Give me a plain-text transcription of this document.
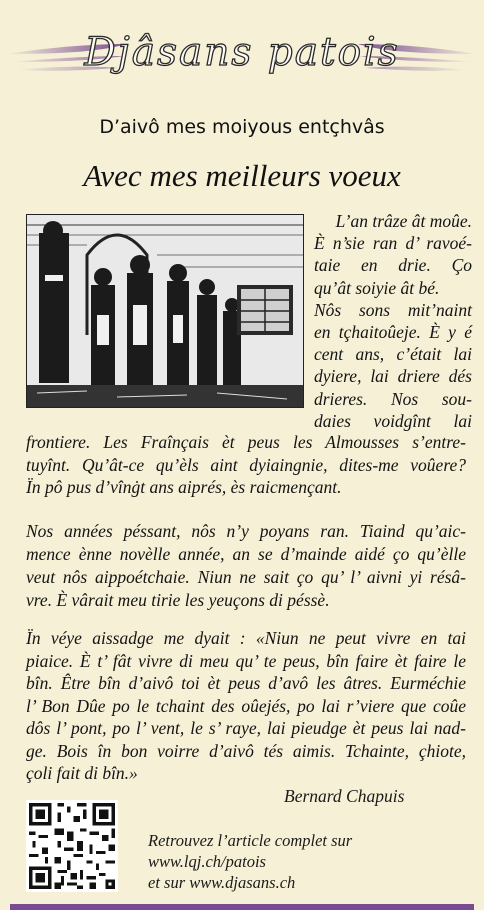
Djâsans patois
D’aivô mes moiyous entçhvâs
Avec mes meilleurs voeux
L’an trâze ât moûe.
È n’sie ran d’ ravoé-
taie en drie. Ço
qu’ât soiyie ât bé.
Nôs sons mit’naint
en tçhaitoûeje. È y é
cent ans, c’était lai
dyiere, lai driere dés
drieres. Nos sou-
daies voidgînt lai
frontiere. Les Fraînçais èt peus les Almousses s’entre-
tuyînt. Qu’ât-ce qu’èls aint dyiaingnie, dites-me voûere?
Ïn pô pus d’vînġt ans aiprés, ès raicmençant.
Nos années péssant, nôs n’y poyans ran. Tiaind qu’aic-
mence ènne novèlle année, an se d’mainde aidé ço qu’èlle
veut nôs aippoétchaie. Niun ne sait ço qu’ l’ aivni yi résâ-
vre. È vârait meu tirie les yeuçons di péssè.
Ïn véye aissadge me dyait : «Niun ne peut vivre en tai
piaice. È t’ fât vivre di meu qu’ te peus, bîn faire èt faire le
bîn. Être bîn d’aivô toi èt peus d’avô les âtres. Eurméchie
l’ Bon Dûe po le tchaint des oûejés, po lai r’viere que coûe
dôs l’ pont, po l’ vent, le s’ raye, lai pieudge èt peus lai nad-
ge. Bois în bon voirre d’aivô tés aimis. Tchainte, çhiote,
çoli fait di bîn.»
Bernard Chapuis
Retrouvez l’article complet sur
www.lqj.ch/patois
et sur www.djasans.ch
